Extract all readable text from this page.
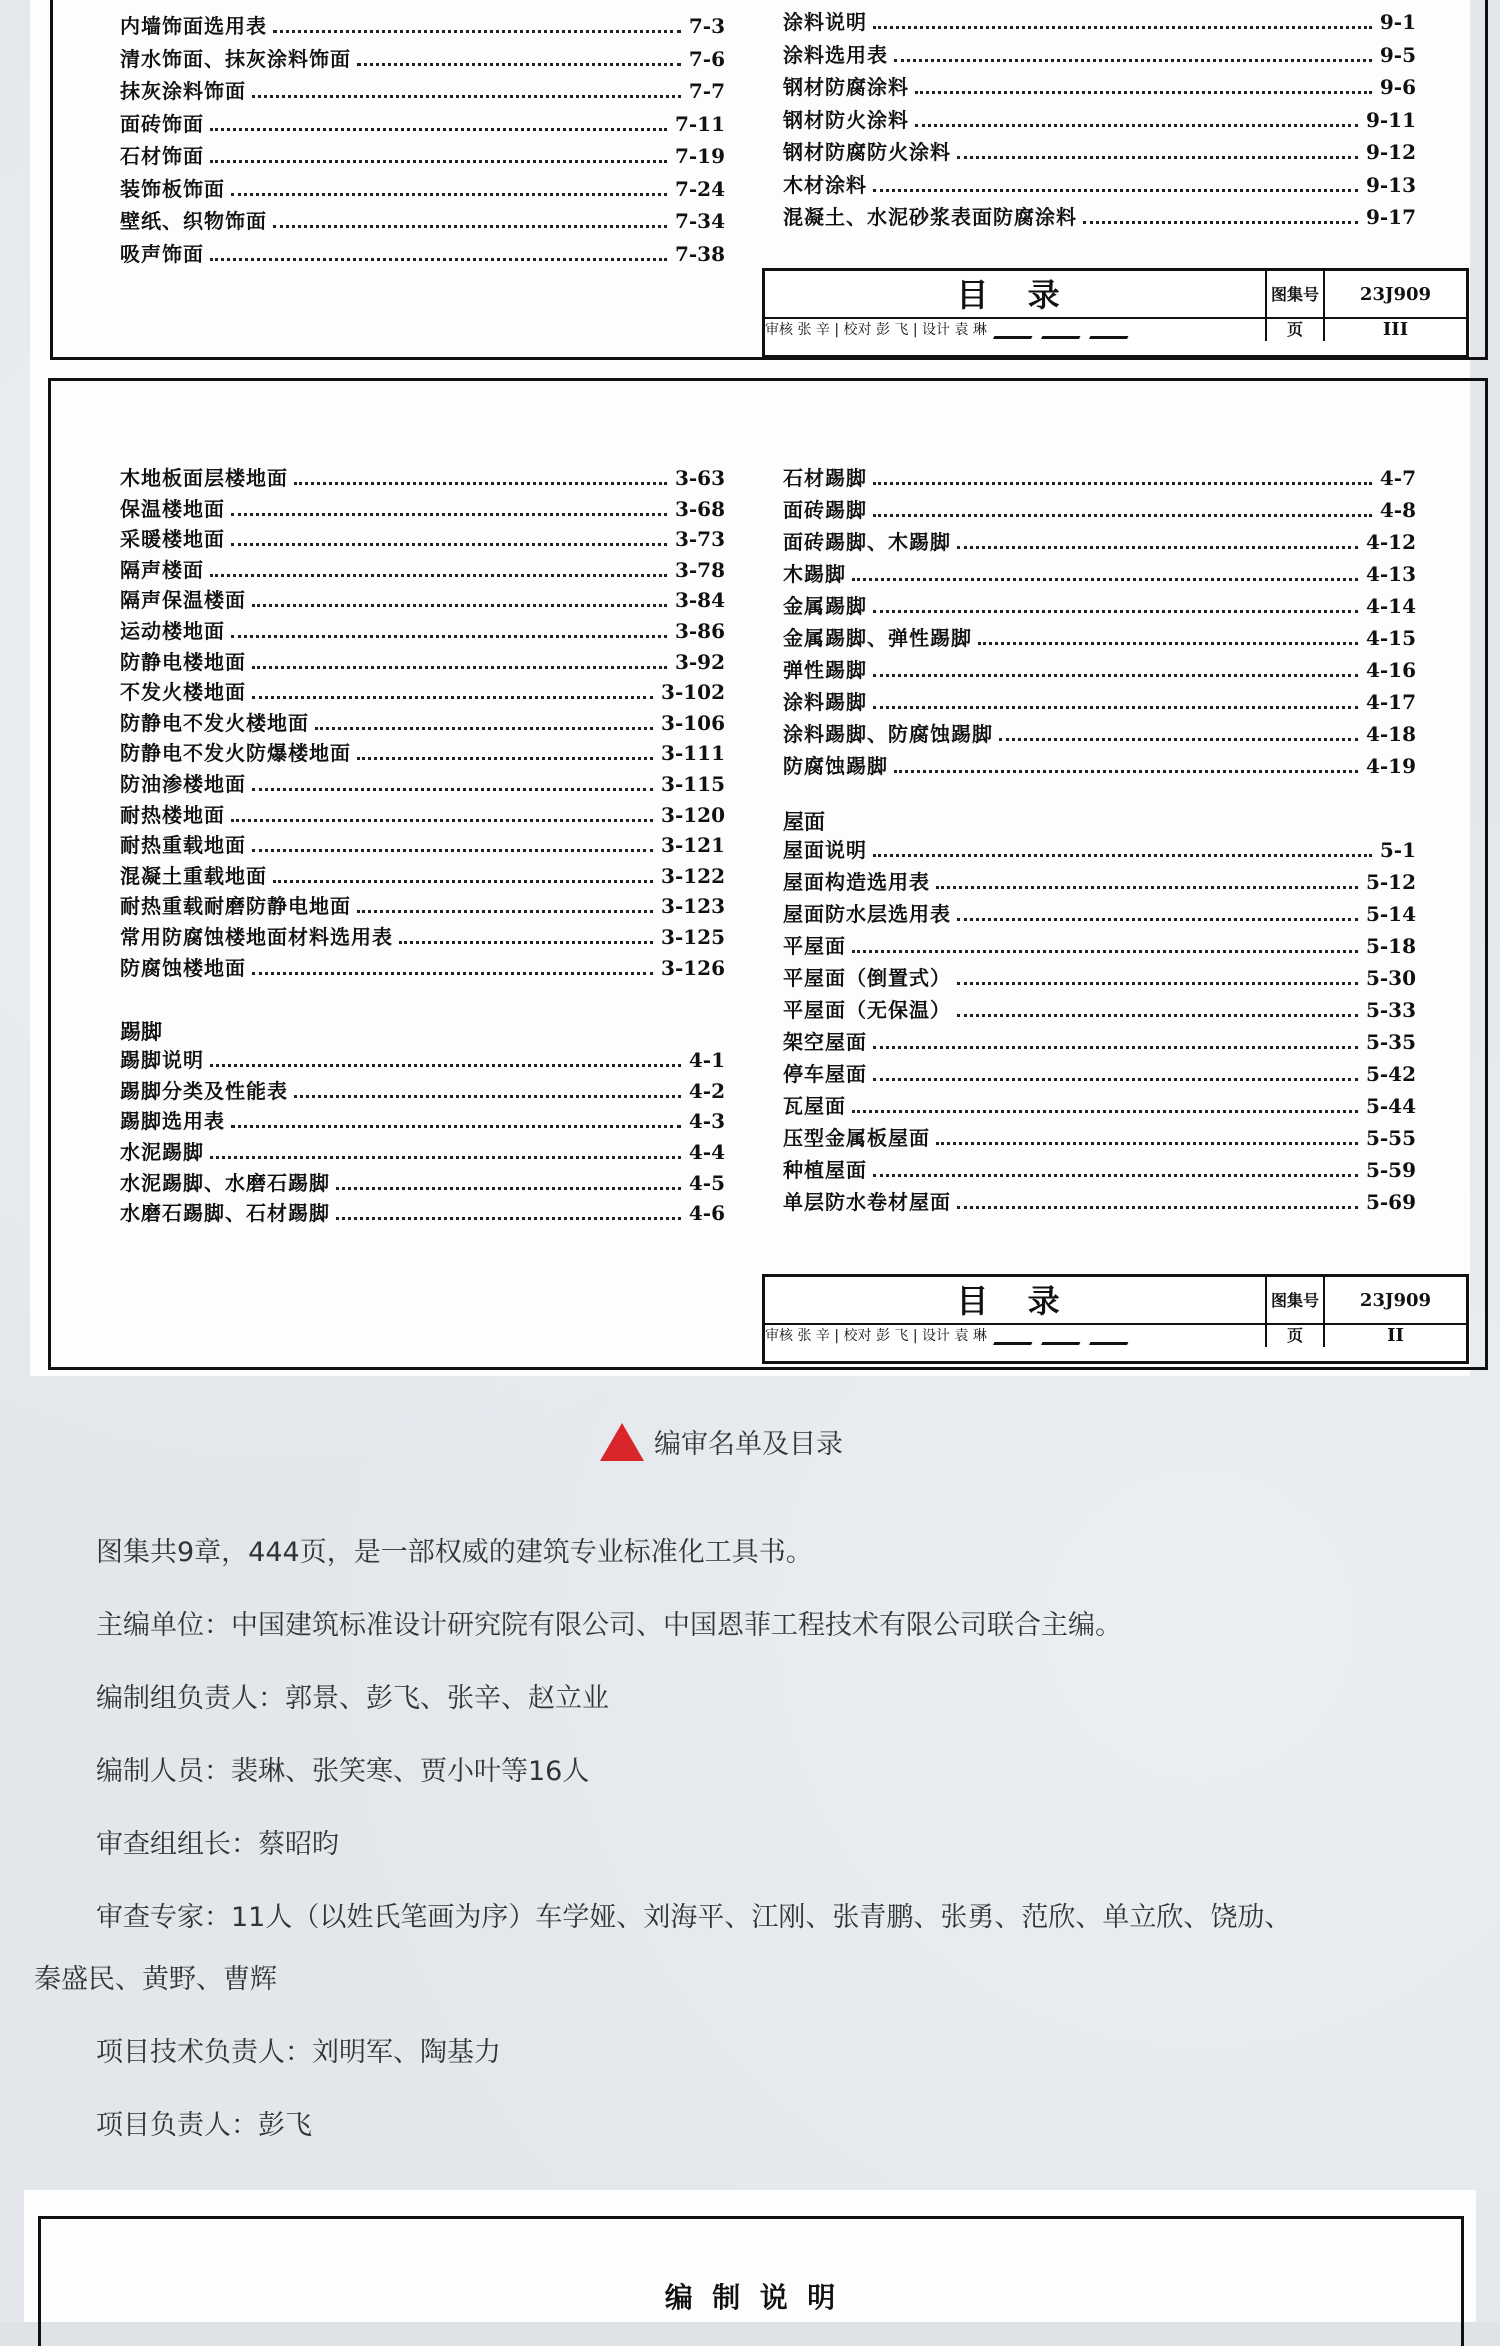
内墙饰面选用表	7-3
清水饰面、抹灰涂料饰面	7-6
抹灰涂料饰面	7-7
面砖饰面	7-11
石材饰面	7-19
装饰板饰面	7-24
壁纸、织物饰面	7-34
吸声饰面	7-38
涂料说明	9-1
涂料选用表	9-5
钢材防腐涂料	9-6
钢材防火涂料	9-11
钢材防腐防火涂料	9-12
木材涂料	9-13
混凝土、水泥砂浆表面防腐涂料	9-17
目 录	图集号	23J909
审核 张 辛 | 校对 彭 飞 | 设计 袁 琳	页	III
木地板面层楼地面	3-63
保温楼地面	3-68
采暖楼地面	3-73
隔声楼面	3-78
隔声保温楼面	3-84
运动楼地面	3-86
防静电楼地面	3-92
不发火楼地面	3-102
防静电不发火楼地面	3-106
防静电不发火防爆楼地面	3-111
防油渗楼地面	3-115
耐热楼地面	3-120
耐热重载地面	3-121
混凝土重载地面	3-122
耐热重载耐磨防静电地面	3-123
常用防腐蚀楼地面材料选用表	3-125
防腐蚀楼地面	3-126
踢脚
踢脚说明	4-1
踢脚分类及性能表	4-2
踢脚选用表	4-3
水泥踢脚	4-4
水泥踢脚、水磨石踢脚	4-5
水磨石踢脚、石材踢脚	4-6
石材踢脚	4-7
面砖踢脚	4-8
面砖踢脚、木踢脚	4-12
木踢脚	4-13
金属踢脚	4-14
金属踢脚、弹性踢脚	4-15
弹性踢脚	4-16
涂料踢脚	4-17
涂料踢脚、防腐蚀踢脚	4-18
防腐蚀踢脚	4-19
屋面
屋面说明	5-1
屋面构造选用表	5-12
屋面防水层选用表	5-14
平屋面	5-18
平屋面（倒置式）	5-30
平屋面（无保温）	5-33
架空屋面	5-35
停车屋面	5-42
瓦屋面	5-44
压型金属板屋面	5-55
种植屋面	5-59
单层防水卷材屋面	5-69
目 录	图集号	23J909
审核 张 辛 | 校对 彭 飞 | 设计 袁 琳	页	II
编审名单及目录
图集共9章，444页，是一部权威的建筑专业标准化工具书。
主编单位：中国建筑标准设计研究院有限公司、中国恩菲工程技术有限公司联合主编。
编制组负责人：郭景、彭飞、张辛、赵立业
编制人员：裴琳、张笑寒、贾小叶等16人
审查组组长：蔡昭昀
审查专家：11人（以姓氏笔画为序）车学娅、刘海平、江刚、张青鹏、张勇、范欣、单立欣、饶劢、
秦盛民、黄野、曹辉
项目技术负责人：刘明军、陶基力
项目负责人：彭飞
编  制  说  明
